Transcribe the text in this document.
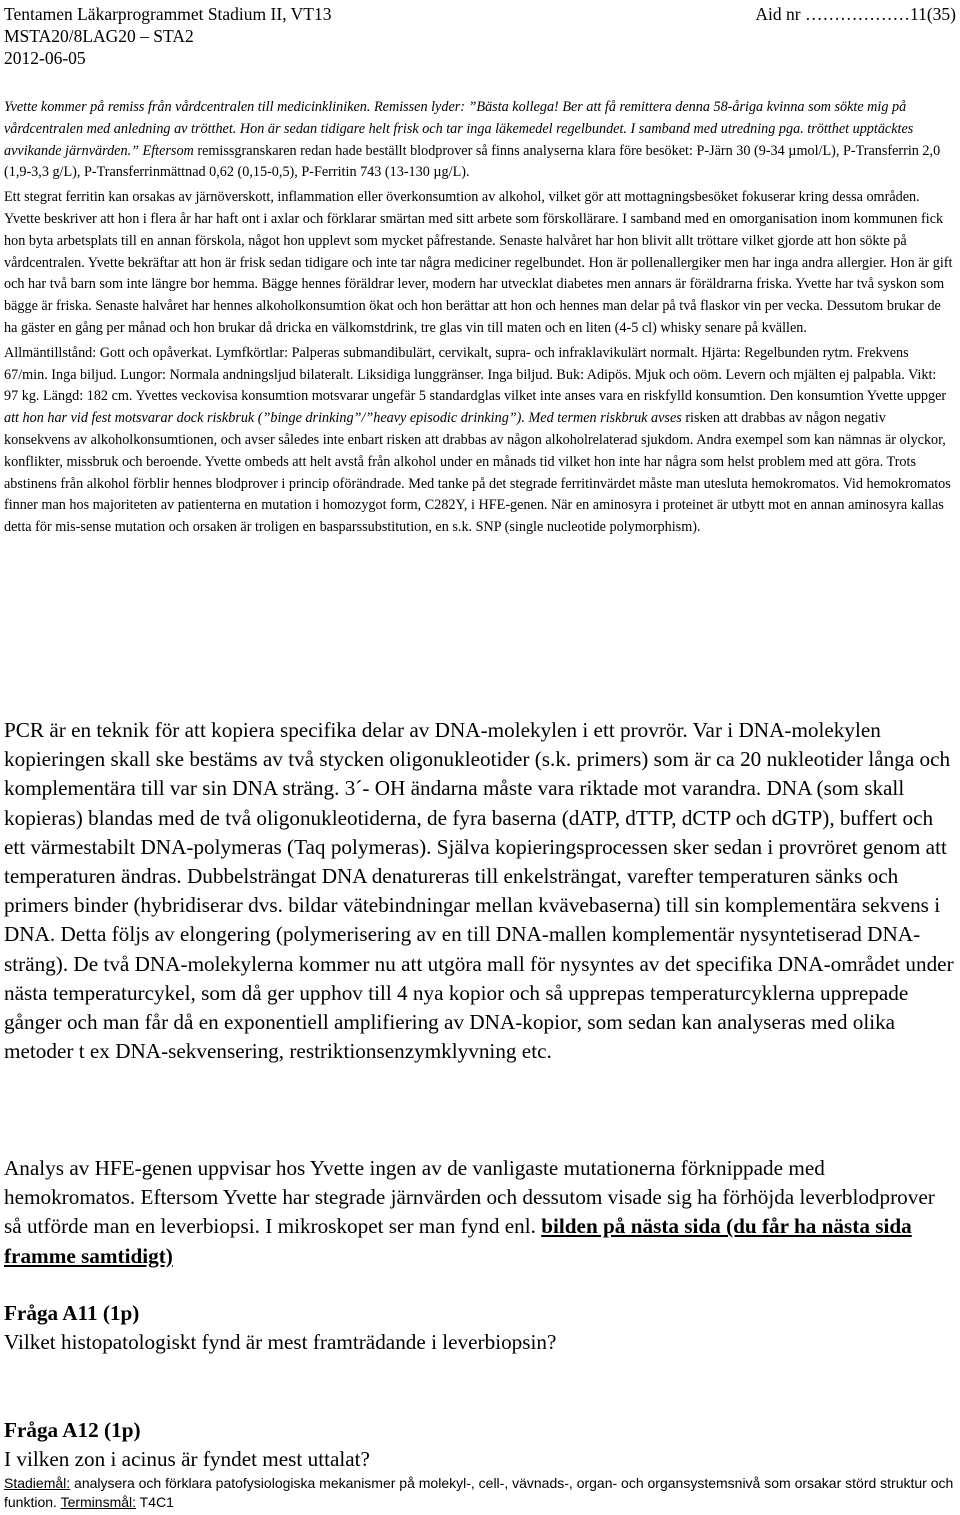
Tentamen Läkarprogrammet Stadium II, VT13	Aid nr ………………11(35)
MSTA20/8LAG20 – STA2
2012-06-05

Yvette kommer på remiss från vårdcentralen till medicinkliniken. Remissen lyder: ”Bästa kollega! Ber att få remittera denna 58-åriga kvinna som sökte mig på vårdcentralen med anledning av trötthet. Hon är sedan tidigare helt frisk och tar inga läkemedel regelbundet. I samband med utredning pga. trötthet upptäcktes avvikande järnvärden.” Eftersom remissgranskaren redan hade beställt blodprover så finns analyserna klara före besöket: P-Järn 30 (9-34 µmol/L), P-Transferrin 2,0 (1,9-3,3 g/L), P-Transferrinmättnad 0,62 (0,15-0,5), P-Ferritin 743 (13-130 µg/L).

Ett stegrat ferritin kan orsakas av järnöverskott, inflammation eller överkonsumtion av alkohol, vilket gör att mottagningsbesöket fokuserar kring dessa områden. Yvette beskriver att hon i flera år har haft ont i axlar och förklarar smärtan med sitt arbete som förskollärare. I samband med en omorganisation inom kommunen fick hon byta arbetsplats till en annan förskola, något hon upplevt som mycket påfrestande. Senaste halvåret har hon blivit allt tröttare vilket gjorde att hon sökte på vårdcentralen. Yvette bekräftar att hon är frisk sedan tidigare och inte tar några mediciner regelbundet. Hon är pollenallergiker men har inga andra allergier. Hon är gift och har två barn som inte längre bor hemma. Bägge hennes föräldrar lever, modern har utvecklat diabetes men annars är föräldrarna friska. Yvette har två syskon som bägge är friska. Senaste halvåret har hennes alkoholkonsumtion ökat och hon berättar att hon och hennes man delar på två flaskor vin per vecka. Dessutom brukar de ha gäster en gång per månad och hon brukar då dricka en välkomstdrink, tre glas vin till maten och en liten (4-5 cl) whisky senare på kvällen.

Allmäntillstånd: Gott och opåverkat. Lymfkörtlar: Palperas submandibulärt, cervikalt, supra- och infraklavikulärt normalt. Hjärta: Regelbunden rytm. Frekvens 67/min. Inga biljud. Lungor: Normala andningsljud bilateralt. Liksidiga lunggränser. Inga biljud. Buk: Adipös. Mjuk och oöm. Levern och mjälten ej palpabla. Vikt: 97 kg. Längd: 182 cm. Yvettes veckovisa konsumtion motsvarar ungefär 5 standardglas vilket inte anses vara en riskfylld konsumtion. Den konsumtion Yvette uppger att hon har vid fest motsvarar dock riskbruk (”binge drinking”/”heavy episodic drinking”). Med termen riskbruk avses risken att drabbas av någon negativ konsekvens av alkoholkonsumtionen, och avser således inte enbart risken att drabbas av någon alkoholrelaterad sjukdom. Andra exempel som kan nämnas är olyckor, konflikter, missbruk och beroende. Yvette ombeds att helt avstå från alkohol under en månads tid vilket hon inte har några som helst problem med att göra. Trots abstinens från alkohol förblir hennes blodprover i princip oförändrade. Med tanke på det stegrade ferritinvärdet måste man utesluta hemokromatos. Vid hemokromatos finner man hos majoriteten av patienterna en mutation i homozygot form, C282Y, i HFE-genen. När en aminosyra i proteinet är utbytt mot en annan aminosyra kallas detta för mis-sense mutation och orsaken är troligen en basparssubstitution, en s.k. SNP (single nucleotide polymorphism).

PCR är en teknik för att kopiera specifika delar av DNA-molekylen i ett provrör. Var i DNA-molekylen kopieringen skall ske bestäms av två stycken oligonukleotider (s.k. primers) som är ca 20 nukleotider långa och komplementära till var sin DNA sträng. 3´- OH ändarna måste vara riktade mot varandra. DNA (som skall kopieras) blandas med de två oligonukleotiderna, de fyra baserna (dATP, dTTP, dCTP och dGTP), buffert och ett värmestabilt DNA-polymeras (Taq polymeras). Själva kopieringsprocessen sker sedan i provröret genom att temperaturen ändras. Dubbelsträngat DNA denatureras till enkelsträngat, varefter temperaturen sänks och primers binder (hybridiserar dvs. bildar vätebindningar mellan kvävebaserna) till sin komplementära sekvens i DNA. Detta följs av elongering (polymerisering av en till DNA-mallen komplementär nysyntetiserad DNA-sträng). De två DNA-molekylerna kommer nu att utgöra mall för nysyntes av det specifika DNA-området under nästa temperaturcykel, som då ger upphov till 4 nya kopior och så upprepas temperaturcyklerna upprepade gånger och man får då en exponentiell amplifiering av DNA-kopior, som sedan kan analyseras med olika metoder t ex DNA-sekvensering, restriktionsenzymklyvning etc.

Analys av HFE-genen uppvisar hos Yvette ingen av de vanligaste mutationerna förknippade med hemokromatos. Eftersom Yvette har stegrade järnvärden och dessutom visade sig ha förhöjda leverblodprover så utförde man en leverbiopsi. I mikroskopet ser man fynd enl. bilden på nästa sida (du får ha nästa sida framme samtidigt)

Fråga A11 (1p)
Vilket histopatologiskt fynd är mest framträdande i leverbiopsin?
Fråga A12 (1p)
I vilken zon i acinus är fyndet mest uttalat?
Stadiemål: analysera och förklara patofysiologiska mekanismer på molekyl-, cell-, vävnads-, organ- och organsystemsnivå som orsakar störd struktur och funktion. Terminsmål: T4C1
